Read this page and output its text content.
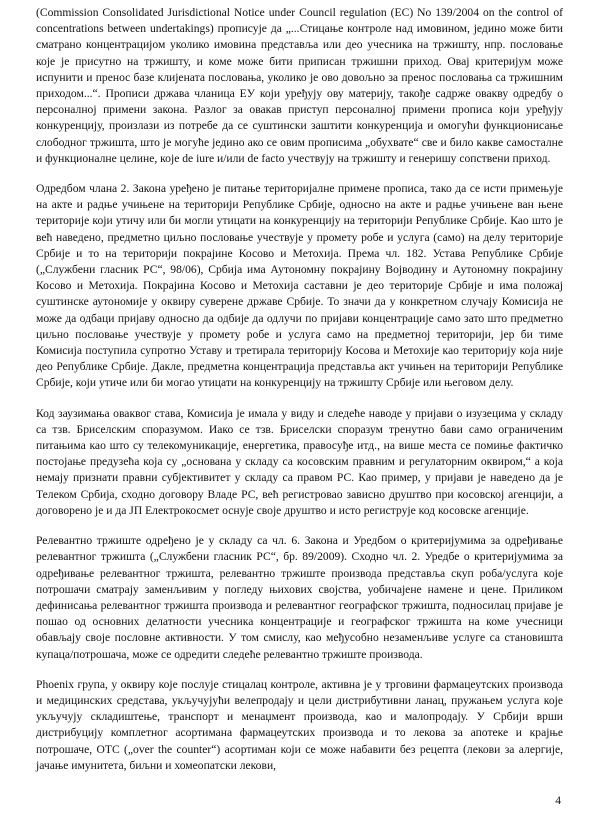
(Commission Consolidated Jurisdictional Notice under Council regulation (EC) No 139/2004 on the control of concentrations between undertakings) прописује да „...Стицање контроле над имовином, једино може бити сматрано концентрацијом уколико имовина представља или део учесника на тржишту, нпр. пословање које је присутно на тржишту, и коме може бити приписан тржишни приход. Овај критеријум може испунити и пренос базе клијената пословања, уколико је ово довољно за пренос пословања са тржишним приходом...“. Прописи држава чланица ЕУ који уређују ову материју, такође садрже овакву одредбу о персоналној примени закона. Разлог за овакав приступ персоналној примени прописа који уређују конкуренцију, произлази из потребе да се суштински заштити конкуренција и омогући функционисање слободног тржишта, што је могуће једино ако се овим прописима „обухвате“ све и било какве самосталне и функционалне целине, које de iure и/или de facto учествују на тржишту и генеришу сопствени приход.

Одредбом члана 2. Закона уређено је питање територијалне примене прописа, тако да се исти примењује на акте и радње учињене на територији Републике Србије, односно на акте и радње учињене ван њене територије који утичу или би могли утицати на конкуренцију на територији Републике Србије. Као што је већ наведено, предметно циљно пословање учествује у промету робе и услуга (само) на делу територије Србије и то на територији покрајине Косово и Метохија. Према чл. 182. Устава Републике Србије („Службени гласник РС“, 98/06), Србија има Аутономну покрајину Војводину и Аутономну покрајину Косово и Метохија. Покрајина Косово и Метохија саставни је део територије Србије и има положај суштинске аутономије у оквиру суверене државе Србије. То значи да у конкретном случају Комисија не може да одбаци пријаву односно да одбије да одлучи по пријави концентрације само зато што предметно циљно пословање учествује у промету робе и услуга само на предметној територији, јер би тиме Комисија поступила супротно Уставу и третирала територију Косова и Метохије као територију која није део Републике Србије. Дакле, предметна концентрација представља акт учињен на територији Републике Србије, који утиче или би могао утицати на конкуренцију на тржишту Србије или његовом делу.

Код заузимања оваквог става, Комисија је имала у виду и следеће наводе у пријави о изузецима у складу са тзв. Бриселским споразумом. Иако се тзв. Бриселски споразум тренутно бави само ограниченим питањима као што су телекомуникације, енергетика, правосуђе итд., на више места се помиње фактичко постојање предузећа која су „основана у складу са косовским правним и регулаторним оквиром,“ а која немају признати правни субјективитет у складу са правом РС. Као пример, у пријави је наведено да је Телеком Србија, сходно договору Владе РС, већ регистровао зависно друштво при косовској агенцији, а договорено је и да ЈП Електрокосмет оснује своје друштво и исто региструје код косовске агенције.

Релевантно тржиште одређено је у складу са чл. 6. Закона и Уредбом о критеријумима за одређивање релевантног тржишта („Службени гласник РС“, бр. 89/2009). Сходно чл. 2. Уредбе о критеријумима за одређивање релевантног тржишта, релевантно тржиште производа представља скуп роба/услуга које потрошачи сматрају заменљивим у погледу њихових својства, уобичајене намене и цене. Приликом дефинисања релевантног тржишта производа и релевантног географског тржишта, подносилац пријаве је пошао од основних делатности учесника концентрације и географског тржишта на коме учесници обављају своје пословне активности. У том смислу, као међусобно незаменљиве услуге са становишта купаца/потрошача, може се одредити следеће релевантно тржиште производа.

Phoenix група, у оквиру које послује стицалац контроле, активна је у трговини фармацеутских производа и медицинских средстава, укључујући велепродају и цели дистрибутивни ланац, пружањем услуга које укључују складиштење, транспорт и менаџмент производа, као и малопродају. У Србији врши дистрибуцију комплетног асортимана фармацеутских производа и то лекова за апотеке и крајње потрошаче, OTC („over the counter“) асортиман који се може набавити без рецепта (лекови за алергије, јачање имунитета, биљни и хомеопатски лекови,

4
